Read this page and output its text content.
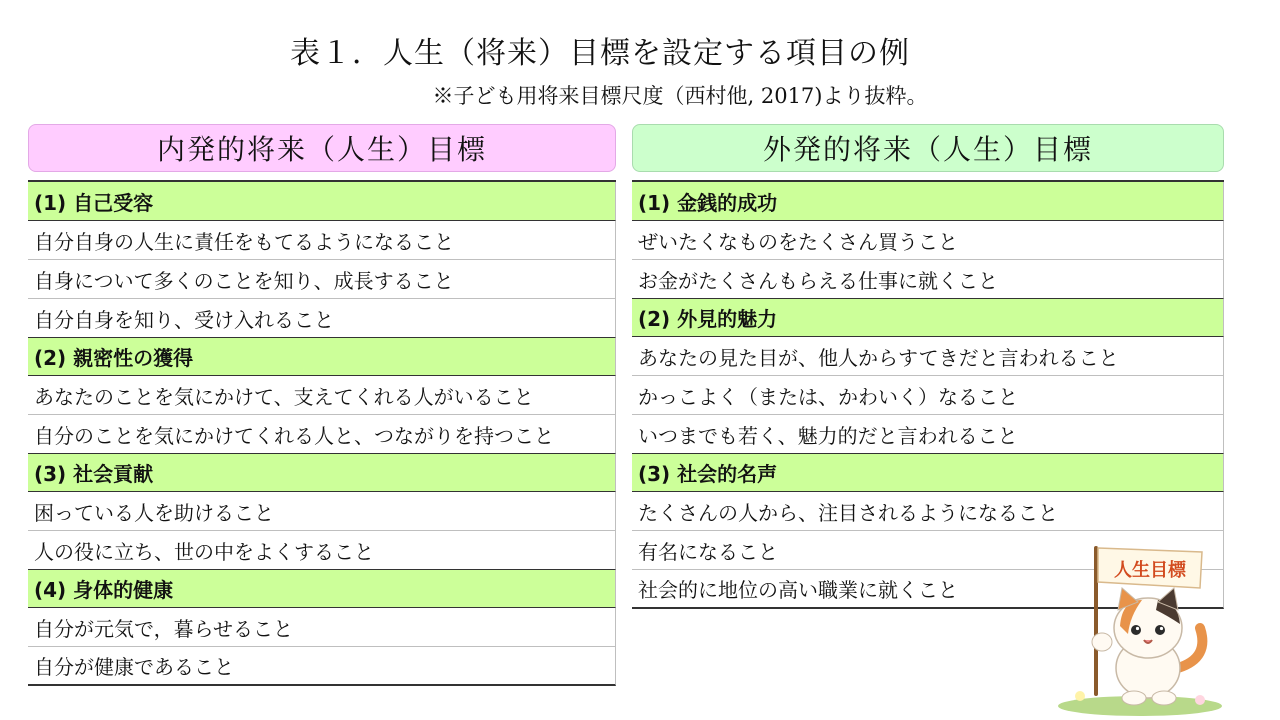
表１．人生（将来）目標を設定する項目の例
※子ども用将来目標尺度（西村他, 2017)より抜粋。
内発的将来（人生）目標
(1) 自己受容
自分自身の人生に責任をもてるようになること
自身について多くのことを知り、成長すること
自分自身を知り、受け入れること
(2) 親密性の獲得
あなたのことを気にかけて、支えてくれる人がいること
自分のことを気にかけてくれる人と、つながりを持つこと
(3) 社会貢献
困っている人を助けること
人の役に立ち、世の中をよくすること
(4) 身体的健康
自分が元気で，暮らせること
自分が健康であること
外発的将来（人生）目標
(1) 金銭的成功
ぜいたくなものをたくさん買うこと
お金がたくさんもらえる仕事に就くこと
(2) 外見的魅力
あなたの見た目が、他人からすてきだと言われること
かっこよく（または、かわいく）なること
いつまでも若く、魅力的だと言われること
(3) 社会的名声
たくさんの人から、注目されるようになること
有名になること
社会的に地位の高い職業に就くこと
人生目標
